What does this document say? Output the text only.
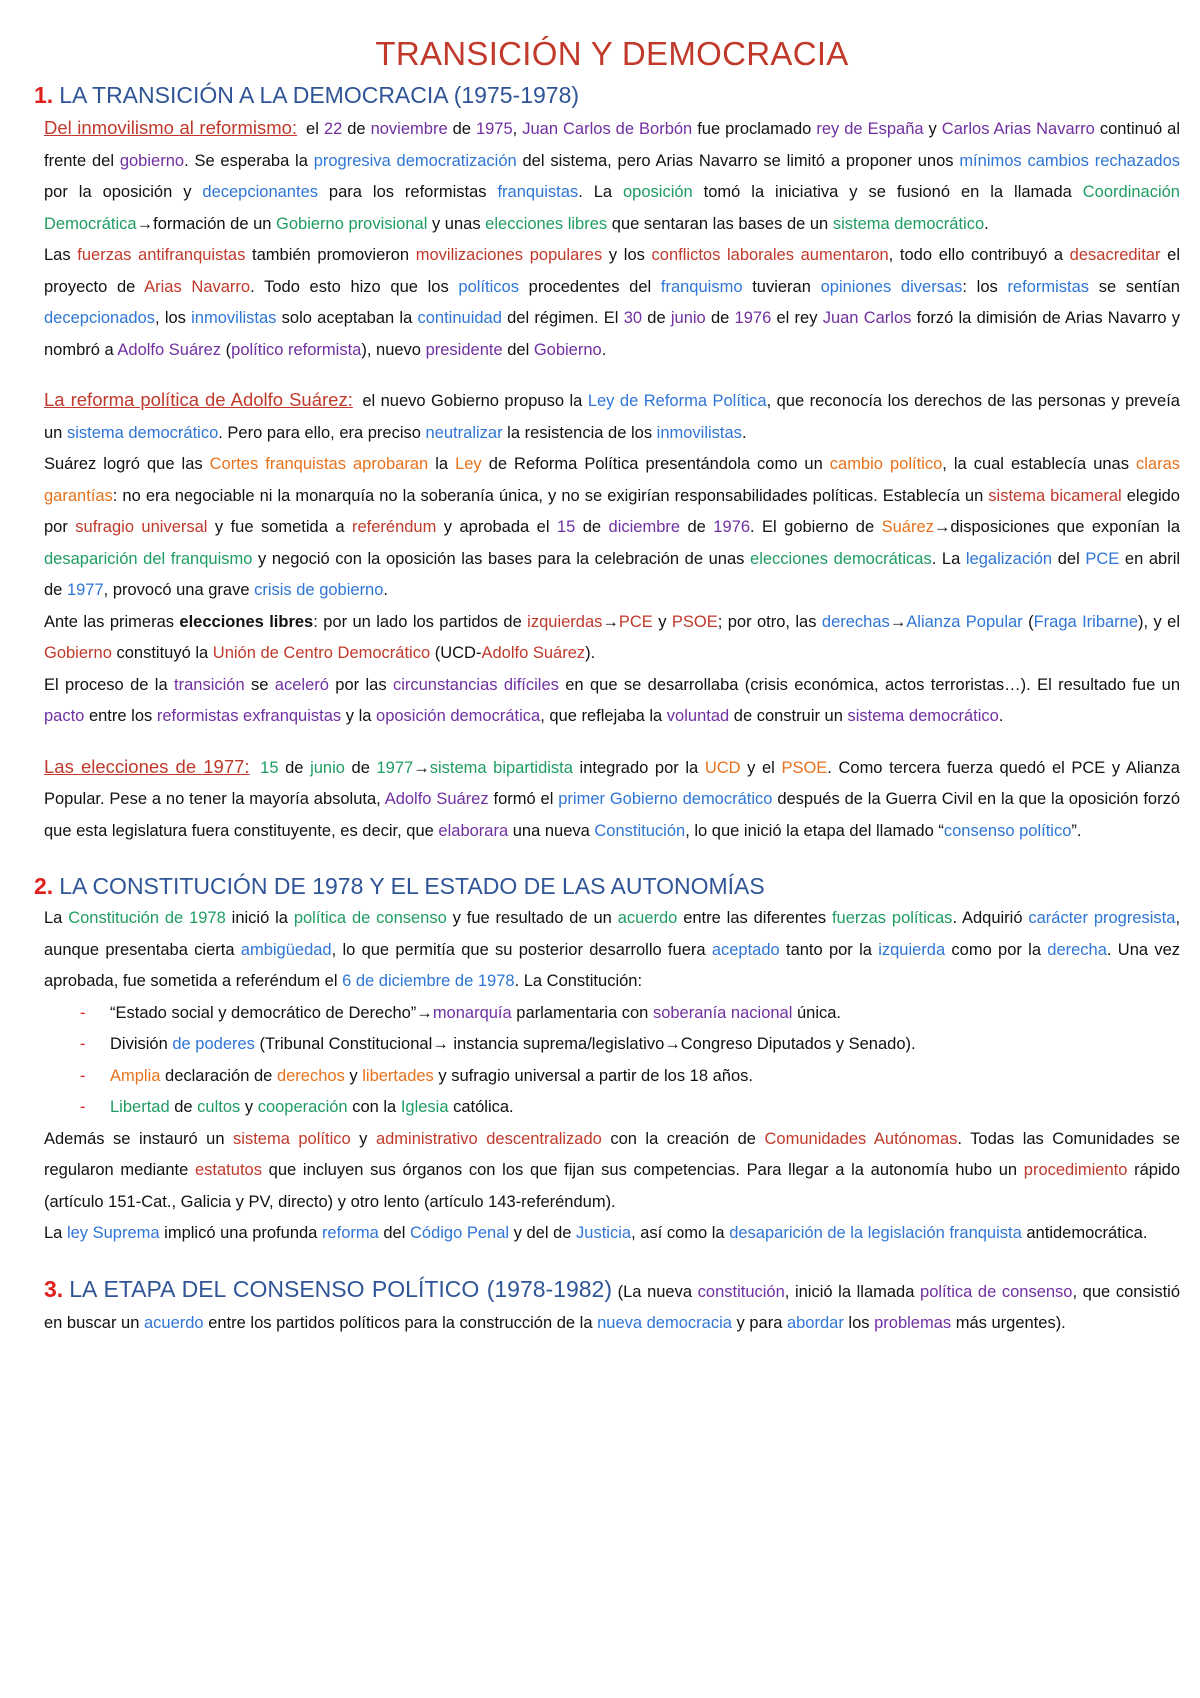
TRANSICIÓN Y DEMOCRACIA
1. LA TRANSICIÓN A LA DEMOCRACIA (1975-1978)

Del inmovilismo al reformismo: el 22 de noviembre de 1975, Juan Carlos de Borbón fue proclamado rey de España y Carlos Arias Navarro continuó al frente del gobierno. Se esperaba la progresiva democratización del sistema, pero Arias Navarro se limitó a proponer unos mínimos cambios rechazados por la oposición y decepcionantes para los reformistas franquistas. La oposición tomó la iniciativa y se fusionó en la llamada Coordinación Democrática→formación de un Gobierno provisional y unas elecciones libres que sentaran las bases de un sistema democrático.

Las fuerzas antifranquistas también promovieron movilizaciones populares y los conflictos laborales aumentaron, todo ello contribuyó a desacreditar el proyecto de Arias Navarro. Todo esto hizo que los políticos procedentes del franquismo tuvieran opiniones diversas: los reformistas se sentían decepcionados, los inmovilistas solo aceptaban la continuidad del régimen. El 30 de junio de 1976 el rey Juan Carlos forzó la dimisión de Arias Navarro y nombró a Adolfo Suárez (político reformista), nuevo presidente del Gobierno.

La reforma política de Adolfo Suárez: el nuevo Gobierno propuso la Ley de Reforma Política, que reconocía los derechos de las personas y preveía un sistema democrático. Pero para ello, era preciso neutralizar la resistencia de los inmovilistas.

Suárez logró que las Cortes franquistas aprobaran la Ley de Reforma Política presentándola como un cambio político, la cual establecía unas claras garantías: no era negociable ni la monarquía no la soberanía única, y no se exigirían responsabilidades políticas. Establecía un sistema bicameral elegido por sufragio universal y fue sometida a referéndum y aprobada el 15 de diciembre de 1976. El gobierno de Suárez→disposiciones que exponían la desaparición del franquismo y negoció con la oposición las bases para la celebración de unas elecciones democráticas. La legalización del PCE en abril de 1977, provocó una grave crisis de gobierno.

Ante las primeras elecciones libres: por un lado los partidos de izquierdas→PCE y PSOE; por otro, las derechas→Alianza Popular (Fraga Iribarne), y el Gobierno constituyó la Unión de Centro Democrático (UCD-Adolfo Suárez).

El proceso de la transición se aceleró por las circunstancias difíciles en que se desarrollaba (crisis económica, actos terroristas…). El resultado fue un pacto entre los reformistas exfranquistas y la oposición democrática, que reflejaba la voluntad de construir un sistema democrático.

Las elecciones de 1977: 15 de junio de 1977→sistema bipartidista integrado por la UCD y el PSOE. Como tercera fuerza quedó el PCE y Alianza Popular. Pese a no tener la mayoría absoluta, Adolfo Suárez formó el primer Gobierno democrático después de la Guerra Civil en la que la oposición forzó que esta legislatura fuera constituyente, es decir, que elaborara una nueva Constitución, lo que inició la etapa del llamado “consenso político”.

2. LA CONSTITUCIÓN DE 1978 Y EL ESTADO DE LAS AUTONOMÍAS

La Constitución de 1978 inició la política de consenso y fue resultado de un acuerdo entre las diferentes fuerzas políticas. Adquirió carácter progresista, aunque presentaba cierta ambigüedad, lo que permitía que su posterior desarrollo fuera aceptado tanto por la izquierda como por la derecha. Una vez aprobada, fue sometida a referéndum el 6 de diciembre de 1978. La Constitución:

- “Estado social y democrático de Derecho”→monarquía parlamentaria con soberanía nacional única.
- División de poderes (Tribunal Constitucional→ instancia suprema/legislativo→Congreso Diputados y Senado).
- Amplia declaración de derechos y libertades y sufragio universal a partir de los 18 años.
- Libertad de cultos y cooperación con la Iglesia católica.

Además se instauró un sistema político y administrativo descentralizado con la creación de Comunidades Autónomas. Todas las Comunidades se regularon mediante estatutos que incluyen sus órganos con los que fijan sus competencias. Para llegar a la autonomía hubo un procedimiento rápido (artículo 151-Cat., Galicia y PV, directo) y otro lento (artículo 143-referéndum).

La ley Suprema implicó una profunda reforma del Código Penal y del de Justicia, así como la desaparición de la legislación franquista antidemocrática.

3. LA ETAPA DEL CONSENSO POLÍTICO (1978-1982) (La nueva constitución, inició la llamada política de consenso, que consistió en buscar un acuerdo entre los partidos políticos para la construcción de la nueva democracia y para abordar los problemas más urgentes).
